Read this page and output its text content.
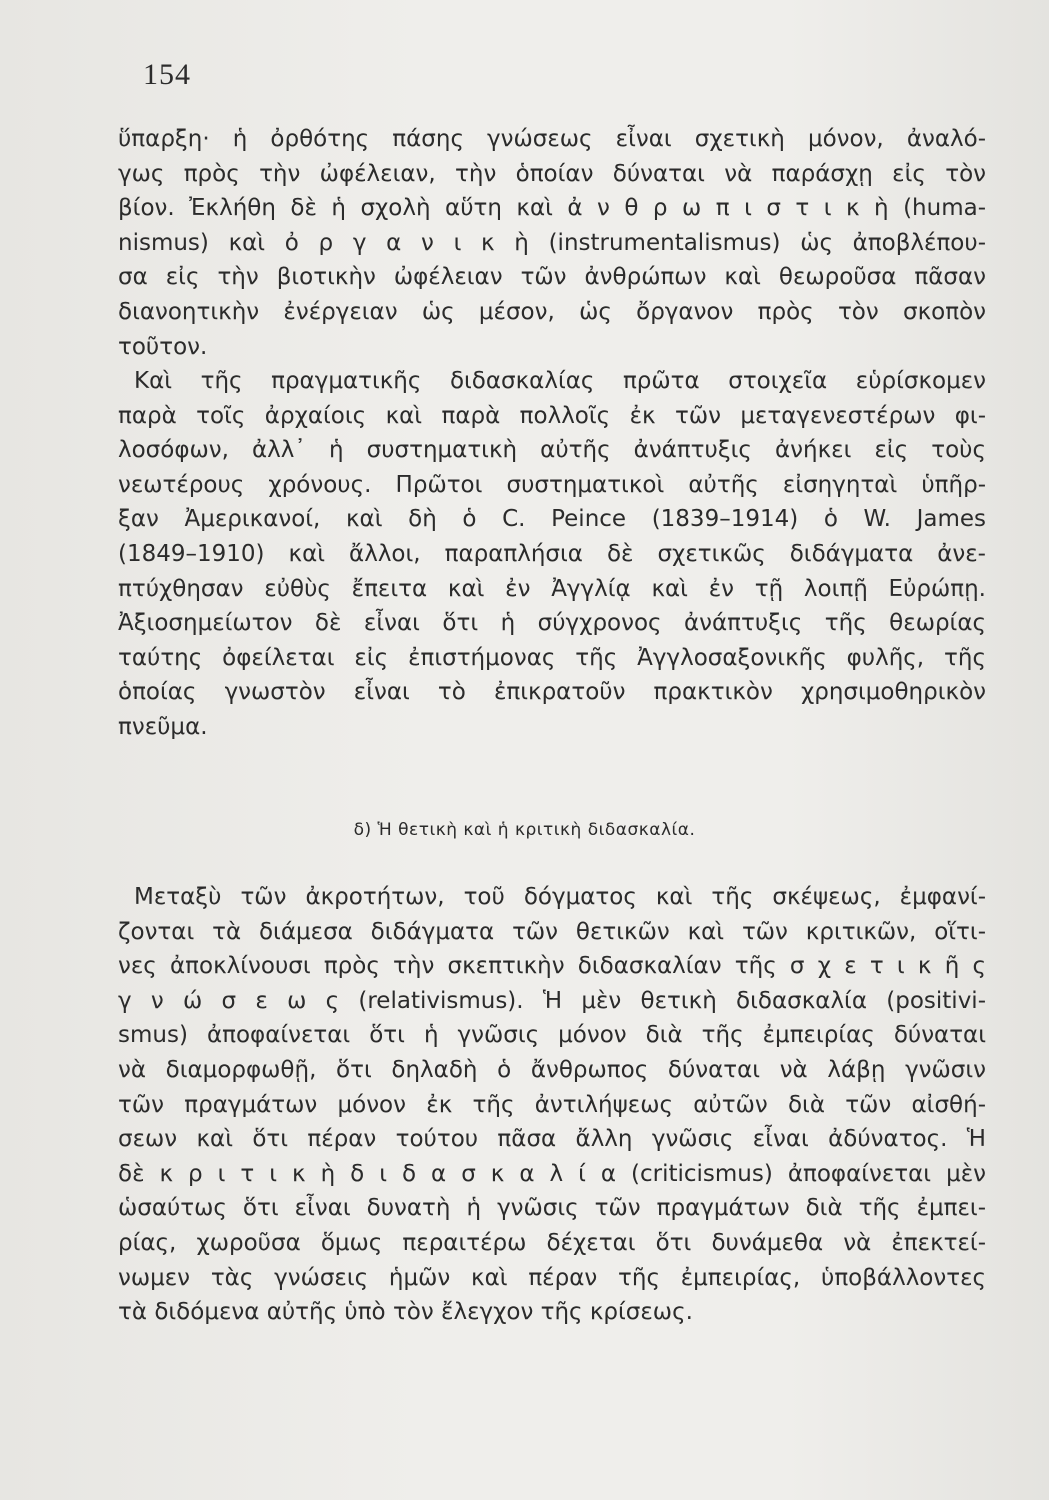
154
ὕπαρξη· ἡ ὀρθότης πάσης γνώσεως εἶναι σχετικὴ μόνον, ἀναλό-
γως πρὸς τὴν ὠφέλειαν, τὴν ὁποίαν δύναται νὰ παράσχῃ εἰς τὸν
βίον. Ἐκλήθη δὲ ἡ σχολὴ αὕτη καὶ ἀ ν θ ρ ω π ι σ τ ι κ ὴ (huma-
nismus) καὶ ὀ ρ γ α ν ι κ ὴ (instrumentalismus) ὡς ἀποβλέπου-
σα εἰς τὴν βιοτικὴν ὠφέλειαν τῶν ἀνθρώπων καὶ θεωροῦσα πᾶσαν
διανοητικὴν ἐνέργειαν ὡς μέσον, ὡς ὄργανον πρὸς τὸν σκοπὸν
τοῦτον.
Καὶ τῆς πραγματικῆς διδασκαλίας πρῶτα στοιχεῖα εὑρίσκομεν
παρὰ τοῖς ἀρχαίοις καὶ παρὰ πολλοῖς ἐκ τῶν μεταγενεστέρων φι-
λοσόφων, ἀλλ᾽ ἡ συστηματικὴ αὐτῆς ἀνάπτυξις ἀνήκει εἰς τοὺς
νεωτέρους χρόνους. Πρῶτοι συστηματικοὶ αὐτῆς εἰσηγηταὶ ὑπῆρ-
ξαν Ἀμερικανοί, καὶ δὴ ὁ C. Peince (1839–1914) ὁ W. James
(1849–1910) καὶ ἄλλοι, παραπλήσια δὲ σχετικῶς διδάγματα ἀνε-
πτύχθησαν εὐθὺς ἔπειτα καὶ ἐν Ἀγγλίᾳ καὶ ἐν τῇ λοιπῇ Εὐρώπῃ.
Ἀξιοσημείωτον δὲ εἶναι ὅτι ἡ σύγχρονος ἀνάπτυξις τῆς θεωρίας
ταύτης ὀφείλεται εἰς ἐπιστήμονας τῆς Ἀγγλοσαξονικῆς φυλῆς, τῆς
ὁποίας γνωστὸν εἶναι τὸ ἐπικρατοῦν πρακτικὸν χρησιμοθηρικὸν
πνεῦμα.
δ) Ἡ θετικὴ καὶ ἡ κριτικὴ διδασκαλία.
Μεταξὺ τῶν ἀκροτήτων, τοῦ δόγματος καὶ τῆς σκέψεως, ἐμφανί-
ζονται τὰ διάμεσα διδάγματα τῶν θετικῶν καὶ τῶν κριτικῶν, οἵτι-
νες ἀποκλίνουσι πρὸς τὴν σκεπτικὴν διδασκαλίαν τῆς σ χ ε τ ι κ ῆ ς
γ ν ώ σ ε ω ς (relativismus). Ἡ μὲν θετικὴ διδασκαλία (positivi-
smus) ἀποφαίνεται ὅτι ἡ γνῶσις μόνον διὰ τῆς ἐμπειρίας δύναται
νὰ διαμορφωθῇ, ὅτι δηλαδὴ ὁ ἄνθρωπος δύναται νὰ λάβῃ γνῶσιν
τῶν πραγμάτων μόνον ἐκ τῆς ἀντιλήψεως αὐτῶν διὰ τῶν αἰσθή-
σεων καὶ ὅτι πέραν τούτου πᾶσα ἄλλη γνῶσις εἶναι ἀδύνατος. Ἡ
δὲ κ ρ ι τ ι κ ὴ δ ι δ α σ κ α λ ί α (criticismus) ἀποφαίνεται μὲν
ὡσαύτως ὅτι εἶναι δυνατὴ ἡ γνῶσις τῶν πραγμάτων διὰ τῆς ἐμπει-
ρίας, χωροῦσα ὅμως περαιτέρω δέχεται ὅτι δυνάμεθα νὰ ἐπεκτεί-
νωμεν τὰς γνώσεις ἡμῶν καὶ πέραν τῆς ἐμπειρίας, ὑποβάλλοντες
τὰ διδόμενα αὐτῆς ὑπὸ τὸν ἔλεγχον τῆς κρίσεως.
